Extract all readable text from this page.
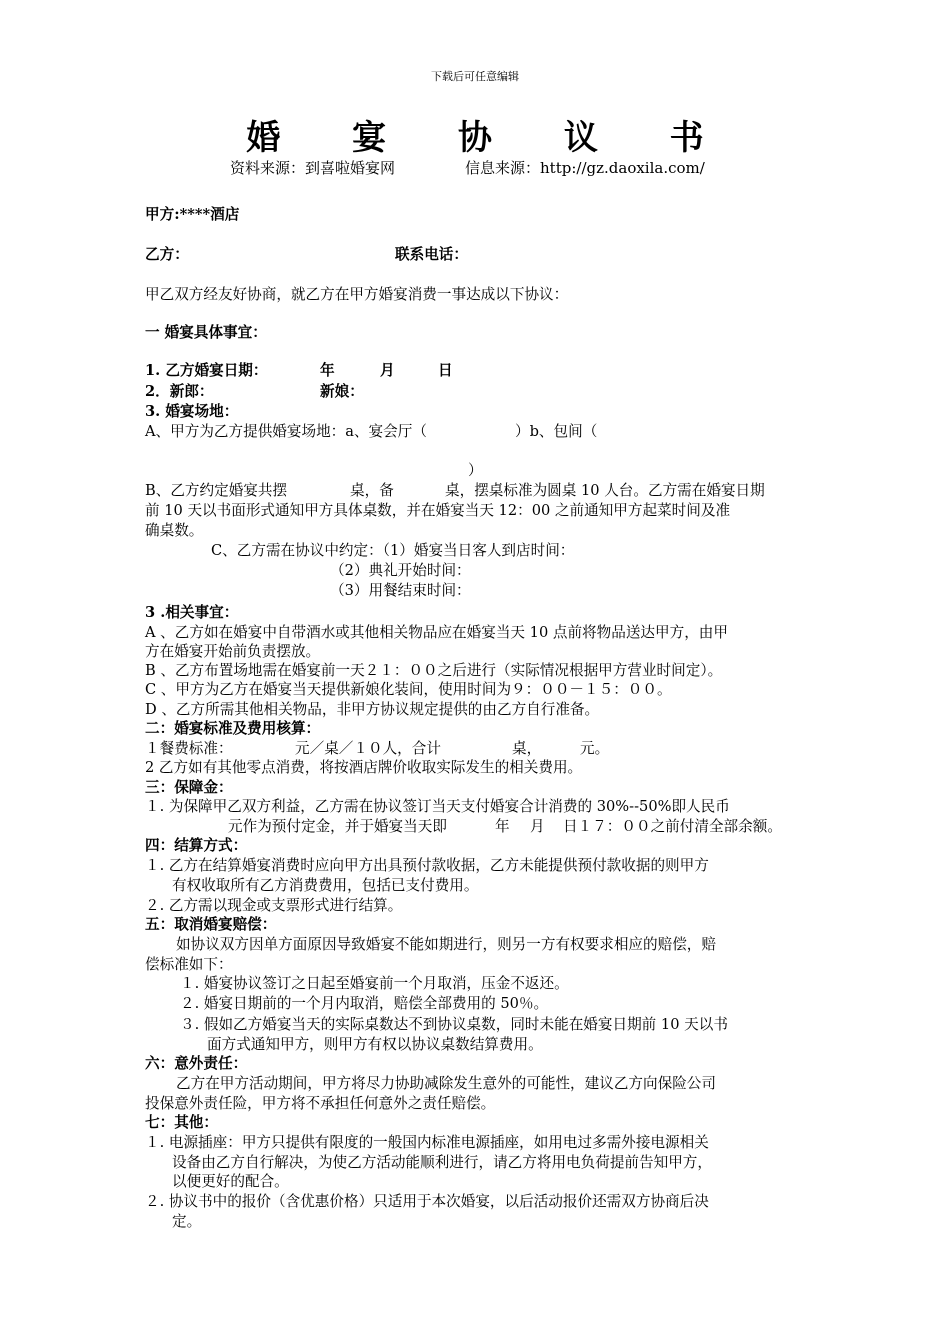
下载后可任意编辑
婚 宴 协 议 书
资料来源：到喜啦婚宴网	信息来源：http://gz.daoxila.com/
甲方:****酒店
乙方：	联系电话：
甲乙双方经友好协商，就乙方在甲方婚宴消费一事达成以下协议：
一 婚宴具体事宜：
1. 乙方婚宴日期：	年	月	日
2．新郎：	新娘：
3. 婚宴场地：
A、甲方为乙方提供婚宴场地：a、宴会厅（	）b、包间（
）
B、乙方约定婚宴共摆	桌，备	桌，摆桌标准为圆桌 10 人台。乙方需在婚宴日期
前 10 天以书面形式通知甲方具体桌数，并在婚宴当天 12：00 之前通知甲方起菜时间及准
确桌数。
C、乙方需在协议中约定：（1）婚宴当日客人到店时间：
（2）典礼开始时间：
（3）用餐结束时间：
3 .相关事宜：
A 、乙方如在婚宴中自带酒水或其他相关物品应在婚宴当天 10 点前将物品送达甲方，由甲
方在婚宴开始前负责摆放。
B 、乙方布置场地需在婚宴前一天２１：００之后进行（实际情况根据甲方营业时间定）。
C 、甲方为乙方在婚宴当天提供新娘化装间，使用时间为９：００－１５：００。
D 、乙方所需其他相关物品，非甲方协议规定提供的由乙方自行准备。
二：婚宴标准及费用核算：
１餐费标准：	元／桌／１０人，合计	桌，	元。
2 乙方如有其他零点消费，将按酒店牌价收取实际发生的相关费用。
三：保障金：
１. 为保障甲乙双方利益，乙方需在协议签订当天支付婚宴合计消费的 30%--50%即人民币
元作为预付定金，并于婚宴当天即	年 月 日１７：００之前付清全部余额。
四：结算方式：
１. 乙方在结算婚宴消费时应向甲方出具预付款收据，乙方未能提供预付款收据的则甲方
有权收取所有乙方消费费用，包括已支付费用。
２. 乙方需以现金或支票形式进行结算。
五：取消婚宴赔偿：
如协议双方因单方面原因导致婚宴不能如期进行，则另一方有权要求相应的赔偿，赔
偿标准如下：
１. 婚宴协议签订之日起至婚宴前一个月取消，压金不返还。
２. 婚宴日期前的一个月内取消，赔偿全部费用的 50％。
３. 假如乙方婚宴当天的实际桌数达不到协议桌数，同时未能在婚宴日期前 10 天以书
面方式通知甲方，则甲方有权以协议桌数结算费用。
六：意外责任：
乙方在甲方活动期间，甲方将尽力协助减除发生意外的可能性，建议乙方向保险公司
投保意外责任险，甲方将不承担任何意外之责任赔偿。
七：其他：
１. 电源插座：甲方只提供有限度的一般国内标准电源插座，如用电过多需外接电源相关
设备由乙方自行解决，为使乙方活动能顺利进行，请乙方将用电负荷提前告知甲方，
以便更好的配合。
２. 协议书中的报价（含优惠价格）只适用于本次婚宴，以后活动报价还需双方协商后决
定。
